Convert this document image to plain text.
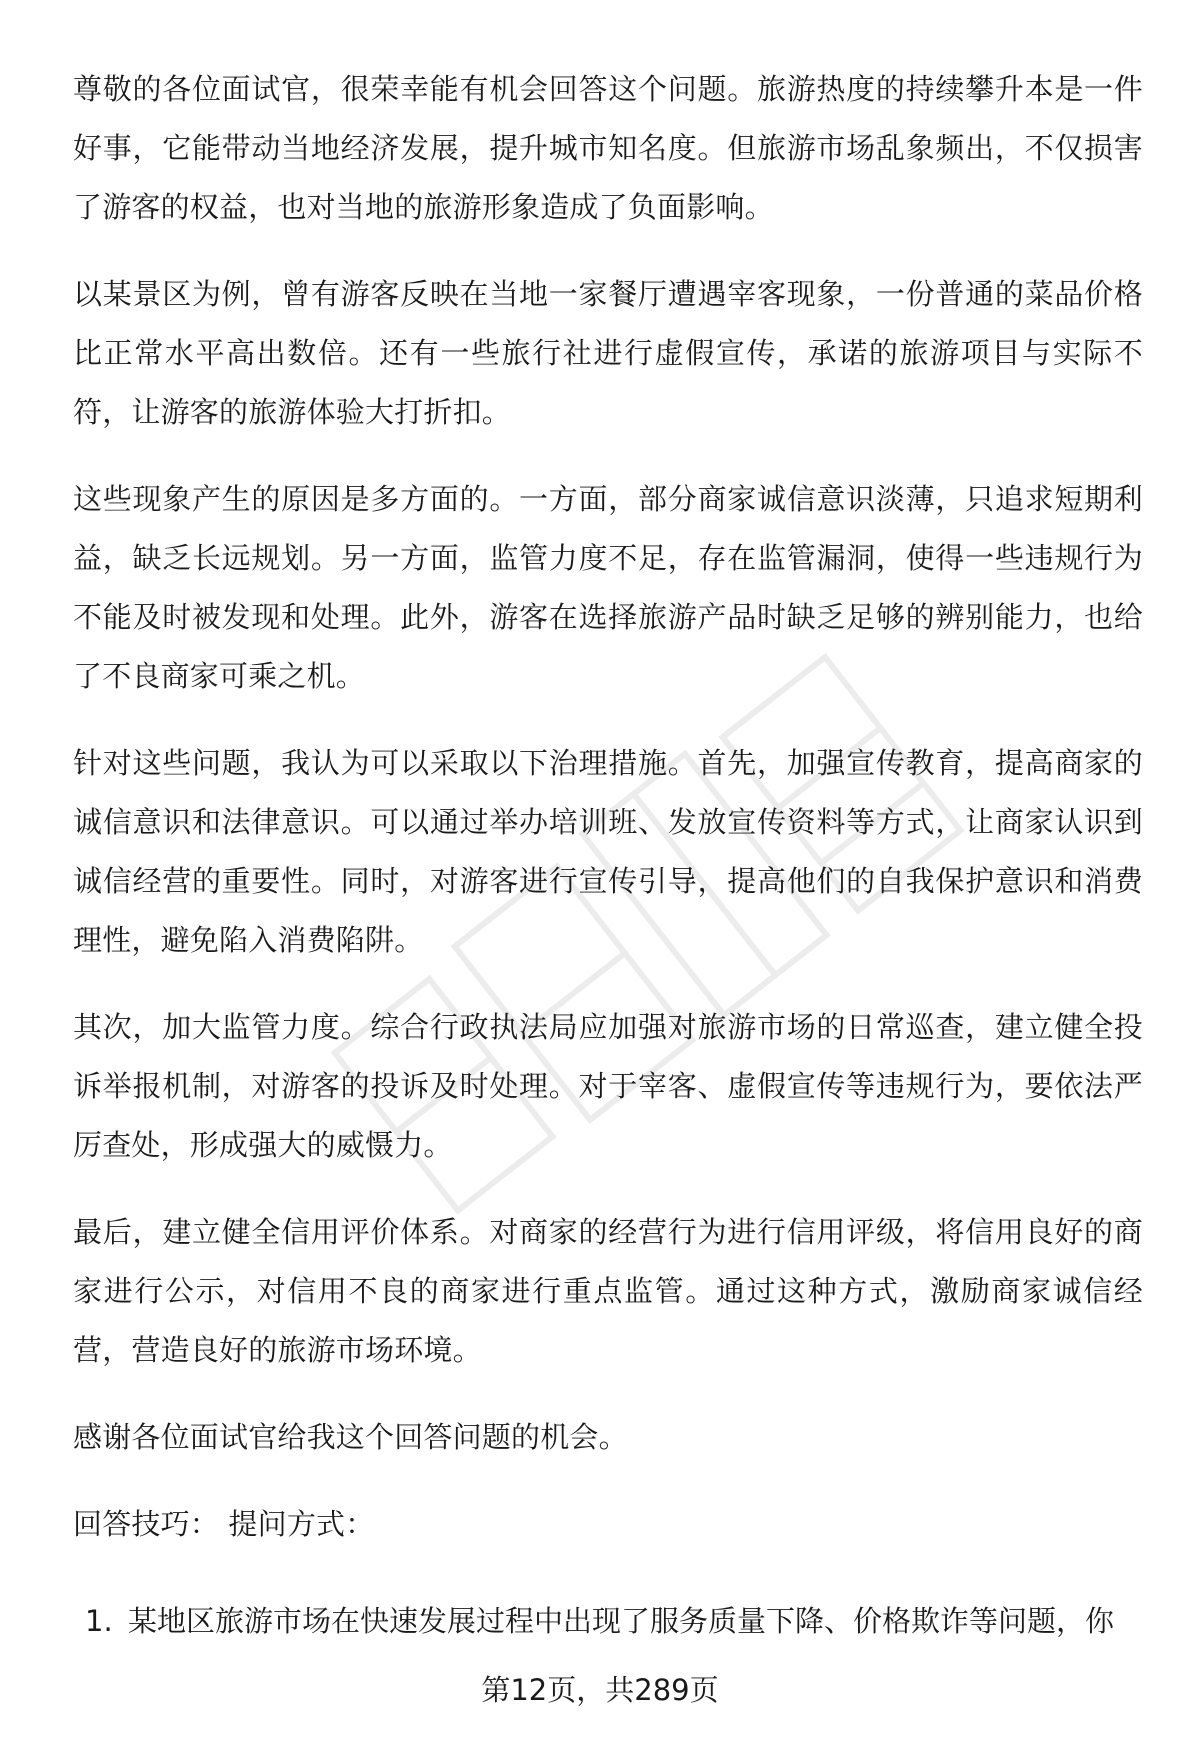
尊敬的各位面试官，很荣幸能有机会回答这个问题。旅游热度的持续攀升本是一件好事，它能带动当地经济发展，提升城市知名度。但旅游市场乱象频出，不仅损害了游客的权益，也对当地的旅游形象造成了负面影响。

以某景区为例，曾有游客反映在当地一家餐厅遭遇宰客现象，一份普通的菜品价格比正常水平高出数倍。还有一些旅行社进行虚假宣传，承诺的旅游项目与实际不符，让游客的旅游体验大打折扣。

这些现象产生的原因是多方面的。一方面，部分商家诚信意识淡薄，只追求短期利益，缺乏长远规划。另一方面，监管力度不足，存在监管漏洞，使得一些违规行为不能及时被发现和处理。此外，游客在选择旅游产品时缺乏足够的辨别能力，也给了不良商家可乘之机。

针对这些问题，我认为可以采取以下治理措施。首先，加强宣传教育，提高商家的诚信意识和法律意识。可以通过举办培训班、发放宣传资料等方式，让商家认识到诚信经营的重要性。同时，对游客进行宣传引导，提高他们的自我保护意识和消费理性，避免陷入消费陷阱。

其次，加大监管力度。综合行政执法局应加强对旅游市场的日常巡查，建立健全投诉举报机制，对游客的投诉及时处理。对于宰客、虚假宣传等违规行为，要依法严厉查处，形成强大的威慑力。

最后，建立健全信用评价体系。对商家的经营行为进行信用评级，将信用良好的商家进行公示，对信用不良的商家进行重点监管。通过这种方式，激励商家诚信经营，营造良好的旅游市场环境。

感谢各位面试官给我这个回答问题的机会。

回答技巧： 提问方式：

1. 某地区旅游市场在快速发展过程中出现了服务质量下降、价格欺诈等问题，你
第12页，共289页
